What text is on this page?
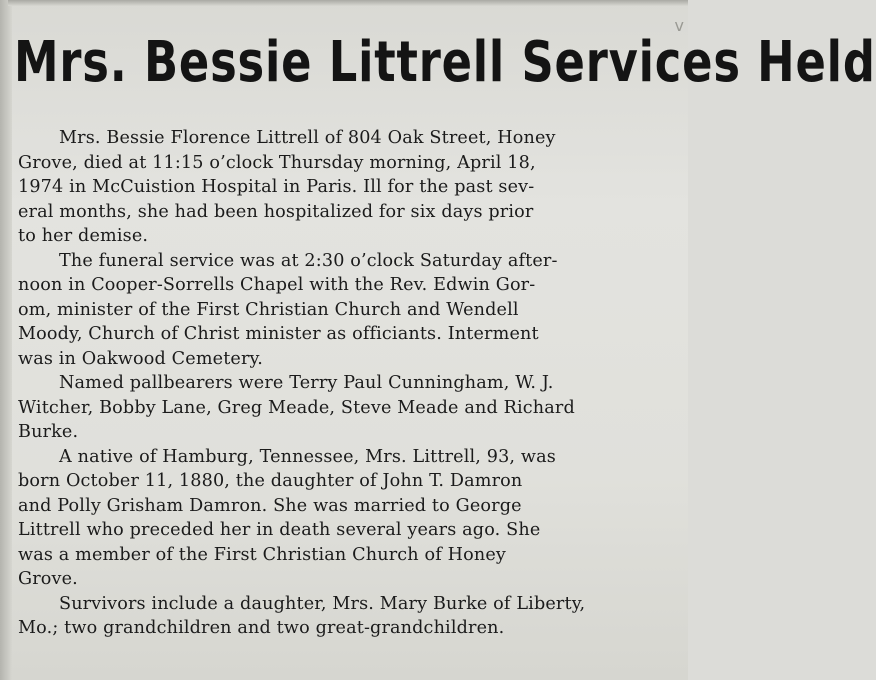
v
Mrs. Bessie Littrell Services Held
Mrs. Bessie Florence Littrell of 804 Oak Street, Honey
Grove, died at 11:15 o’clock Thursday morning, April 18,
1974 in McCuistion Hospital in Paris. Ill for the past sev-
eral months, she had been hospitalized for six days prior
to her demise.
The funeral service was at 2:30 o’clock Saturday after-
noon in Cooper-Sorrells Chapel with the Rev. Edwin Gor-
om, minister of the First Christian Church and Wendell
Moody, Church of Christ minister as officiants. Interment
was in Oakwood Cemetery.
Named pallbearers were Terry Paul Cunningham, W. J.
Witcher, Bobby Lane, Greg Meade, Steve Meade and Richard
Burke.
A native of Hamburg, Tennessee, Mrs. Littrell, 93, was
born October 11, 1880, the daughter of John T. Damron
and Polly Grisham Damron. She was married to George
Littrell who preceded her in death several years ago. She
was a member of the First Christian Church of Honey
Grove.
Survivors include a daughter, Mrs. Mary Burke of Liberty,
Mo.; two grandchildren and two great-grandchildren.
